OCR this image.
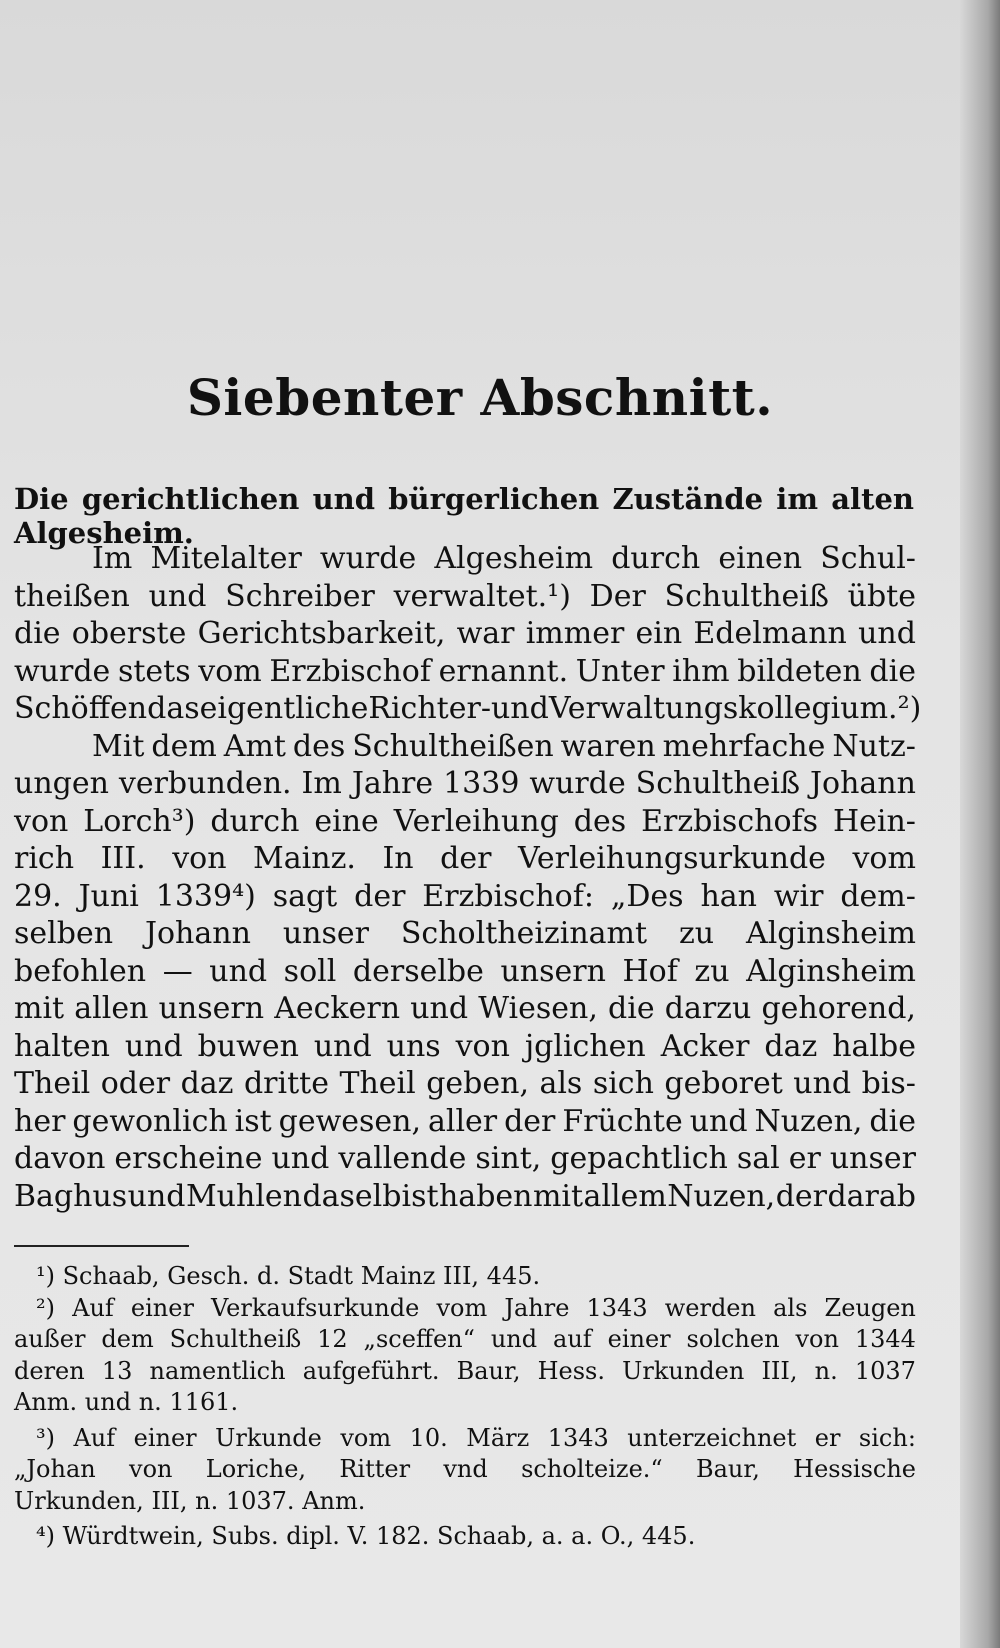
Siebenter Abschnitt.
Die gerichtlichen und bürgerlichen Zustände im alten Algesheim.
Im Mitelalter wurde Algesheim durch einen Schul-
theißen und Schreiber verwaltet.¹) Der Schultheiß übte
die oberste Gerichtsbarkeit, war immer ein Edelmann und
wurde stets vom Erzbischof ernannt. Unter ihm bildeten die
Schöffen das eigentliche Richter- und Verwaltungskollegium.²)
Mit dem Amt des Schultheißen waren mehrfache Nutz-
ungen verbunden. Im Jahre 1339 wurde Schultheiß Johann
von Lorch³) durch eine Verleihung des Erzbischofs Hein-
rich III. von Mainz. In der Verleihungsurkunde vom
29. Juni 1339⁴) sagt der Erzbischof: „Des han wir dem-
selben Johann unser Scholtheizinamt zu Alginsheim
befohlen — und soll derselbe unsern Hof zu Alginsheim
mit allen unsern Aeckern und Wiesen, die darzu gehorend,
halten und buwen und uns von jglichen Acker daz halbe
Theil oder daz dritte Theil geben, als sich geboret und bis-
her gewonlich ist gewesen, aller der Früchte und Nuzen, die
davon erscheine und vallende sint, gepachtlich sal er unser
Baghus und Muhlen daselbist haben mit allem Nuzen, der darab
¹) Schaab, Gesch. d. Stadt Mainz III, 445.
²) Auf einer Verkaufsurkunde vom Jahre 1343 werden als Zeugen
außer dem Schultheiß 12 „sceffen“ und auf einer solchen von 1344
deren 13 namentlich aufgeführt. Baur, Hess. Urkunden III, n. 1037
Anm. und n. 1161.
³) Auf einer Urkunde vom 10. März 1343 unterzeichnet er sich:
„Johan von Loriche, Ritter vnd scholteize.“ Baur, Hessische
Urkunden, III, n. 1037. Anm.
⁴) Würdtwein, Subs. dipl. V. 182. Schaab, a. a. O., 445.
